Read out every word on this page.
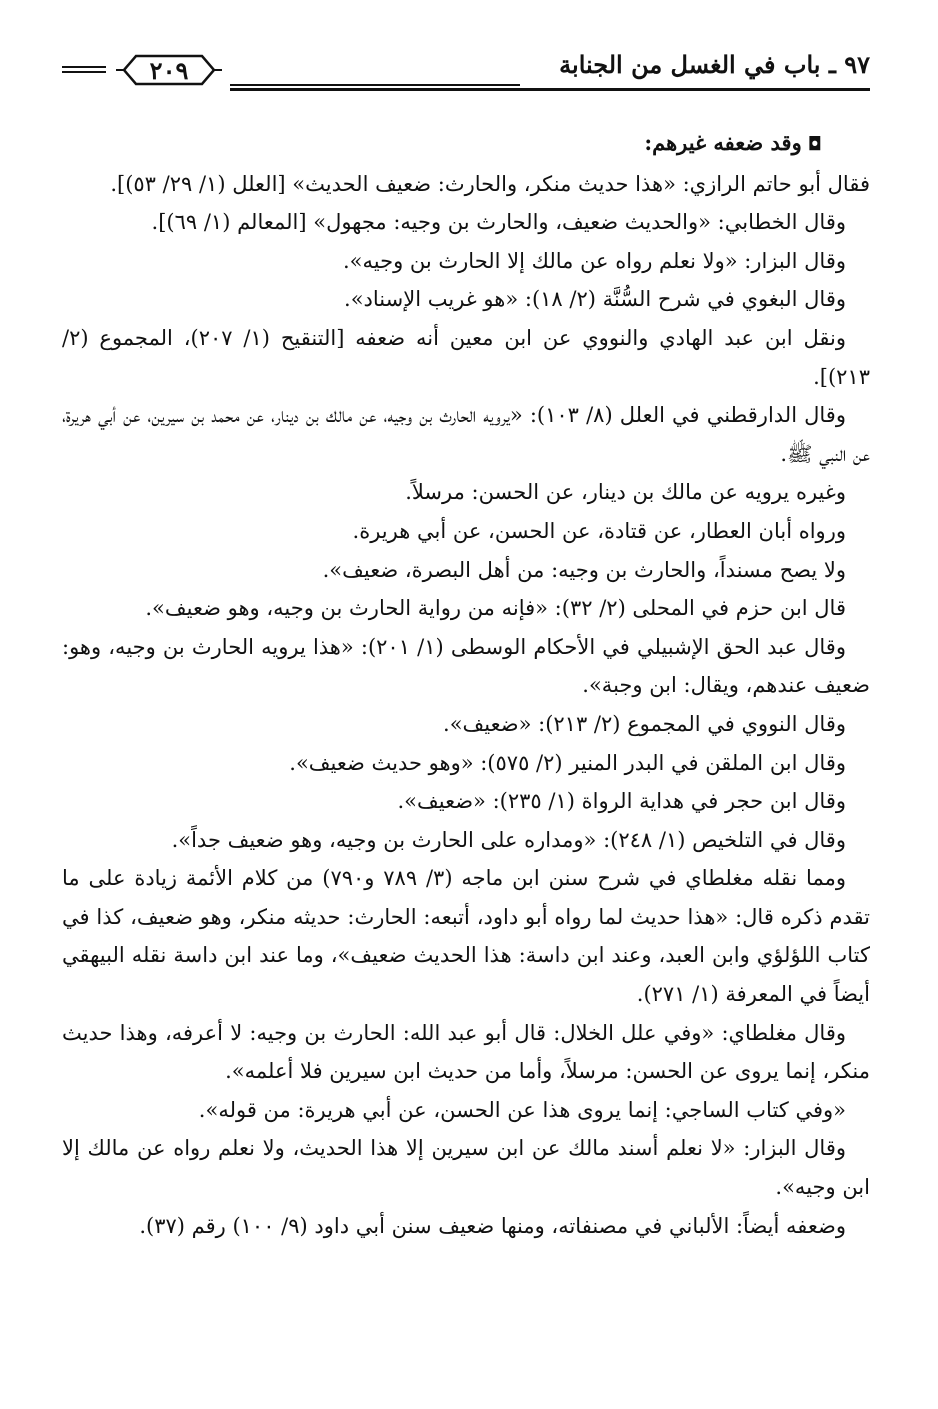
٩٧ ـ باب في الغسل من الجنابة
٢٠٩

◘وقد ضعفه غيرهم:

فقال أبو حاتم الرازي: «هذا حديث منكر، والحارث: ضعيف الحديث» [العلل (١/ ٢٩/ ٥٣)].

وقال الخطابي: «والحديث ضعيف، والحارث بن وجيه: مجهول» [المعالم (١/ ٦٩)].

وقال البزار: «ولا نعلم رواه عن مالك إلا الحارث بن وجيه».

وقال البغوي في شرح السُّنَّة (٢/ ١٨): «هو غريب الإسناد».

ونقل ابن عبد الهادي والنووي عن ابن معين أنه ضعفه [التنقيح (١/ ٢٠٧)، المجموع (٢/ ٢١٣)].

وقال الدارقطني في العلل (٨/ ١٠٣): «يرويه الحارث بن وجيه، عن مالك بن دينار، عن محمد بن سيرين، عن أبي هريرة، عن النبي ﷺ.

وغيره يرويه عن مالك بن دينار، عن الحسن: مرسلاً.

ورواه أبان العطار، عن قتادة، عن الحسن، عن أبي هريرة.

ولا يصح مسنداً، والحارث بن وجيه: من أهل البصرة، ضعيف».

قال ابن حزم في المحلى (٢/ ٣٢): «فإنه من رواية الحارث بن وجيه، وهو ضعيف».

وقال عبد الحق الإشبيلي في الأحكام الوسطى (١/ ٢٠١): «هذا يرويه الحارث بن وجيه، وهو: ضعيف عندهم، ويقال: ابن وجبة».

وقال النووي في المجموع (٢/ ٢١٣): «ضعيف».

وقال ابن الملقن في البدر المنير (٢/ ٥٧٥): «وهو حديث ضعيف».

وقال ابن حجر في هداية الرواة (١/ ٢٣٥): «ضعيف».

وقال في التلخيص (١/ ٢٤٨): «ومداره على الحارث بن وجيه، وهو ضعيف جداً».

ومما نقله مغلطاي في شرح سنن ابن ماجه (٣/ ٧٨٩ و٧٩٠) من كلام الأئمة زيادة على ما تقدم ذكره قال: «هذا حديث لما رواه أبو داود، أتبعه: الحارث: حديثه منكر، وهو ضعيف، كذا في كتاب اللؤلؤي وابن العبد، وعند ابن داسة: هذا الحديث ضعيف»، وما عند ابن داسة نقله البيهقي أيضاً في المعرفة (١/ ٢٧١).

وقال مغلطاي: «وفي علل الخلال: قال أبو عبد الله: الحارث بن وجيه: لا أعرفه، وهذا حديث منكر، إنما يروى عن الحسن: مرسلاً، وأما من حديث ابن سيرين فلا أعلمه».

«وفي كتاب الساجي: إنما يروى هذا عن الحسن، عن أبي هريرة: من قوله».

وقال البزار: «لا نعلم أسند مالك عن ابن سيرين إلا هذا الحديث، ولا نعلم رواه عن مالك إلا ابن وجيه».

وضعفه أيضاً: الألباني في مصنفاته، ومنها ضعيف سنن أبي داود (٩/ ١٠٠) رقم (٣٧).
